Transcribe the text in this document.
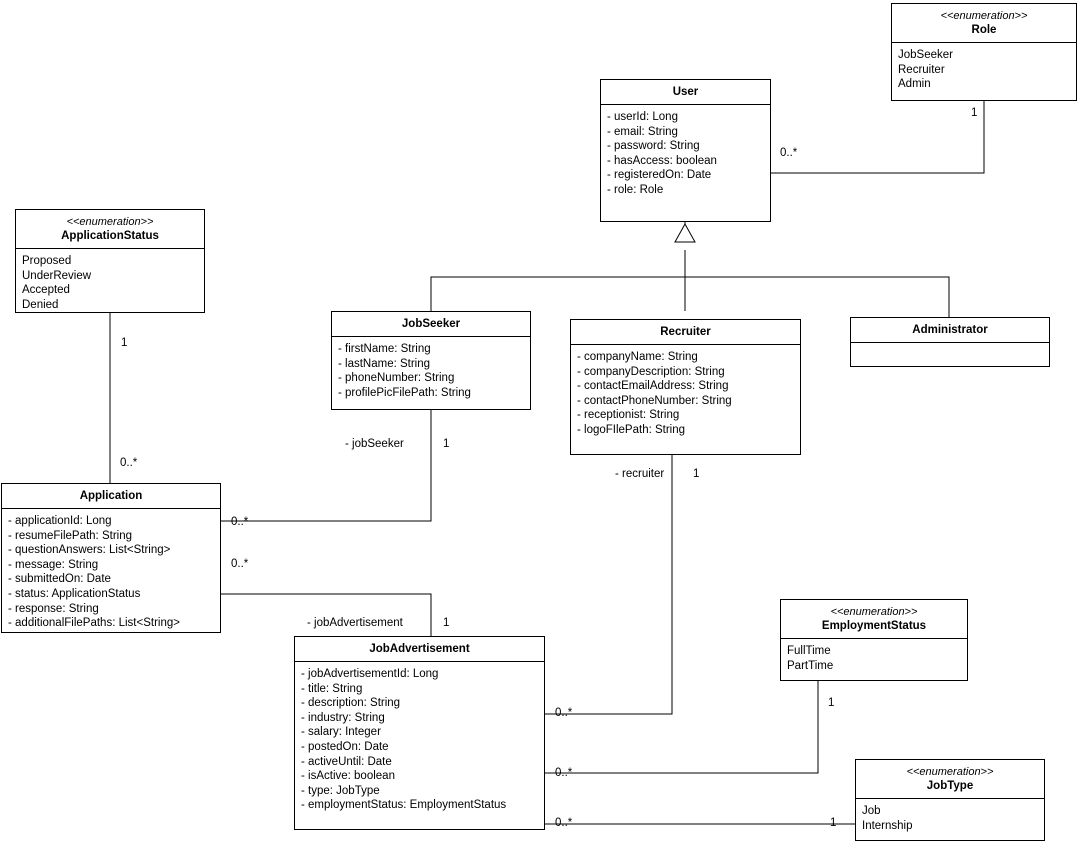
<<enumeration>>
Role
JobSeeker
Recruiter
Admin
User
- userId: Long
- email: String
- password: String
- hasAccess: boolean
- registeredOn: Date
- role: Role
<<enumeration>>
ApplicationStatus
Proposed
UnderReview
Accepted
Denied
JobSeeker
- firstName: String
- lastName: String
- phoneNumber: String
- profilePicFilePath: String
Recruiter
- companyName: String
- companyDescription: String
- contactEmailAddress: String
- contactPhoneNumber: String
- receptionist: String
- logoFIlePath: String
Administrator
Application
- applicationId: Long
- resumeFilePath: String
- questionAnswers: List<String>
- message: String
- submittedOn: Date
- status: ApplicationStatus
- response: String
- additionalFilePaths: List<String>
JobAdvertisement
- jobAdvertisementId: Long
- title: String
- description: String
- industry: String
- salary: Integer
- postedOn: Date
- activeUntil: Date
- isActive: boolean
- type: JobType
- employmentStatus: EmploymentStatus
<<enumeration>>
EmploymentStatus
FullTime
PartTime
<<enumeration>>
JobType
Job
Internship
1
0..*
1
0..*
- jobSeeker	1
0..*
- recruiter	1
0..*
- jobAdvertisement	1
0..*
1
0..*
1
0..*
